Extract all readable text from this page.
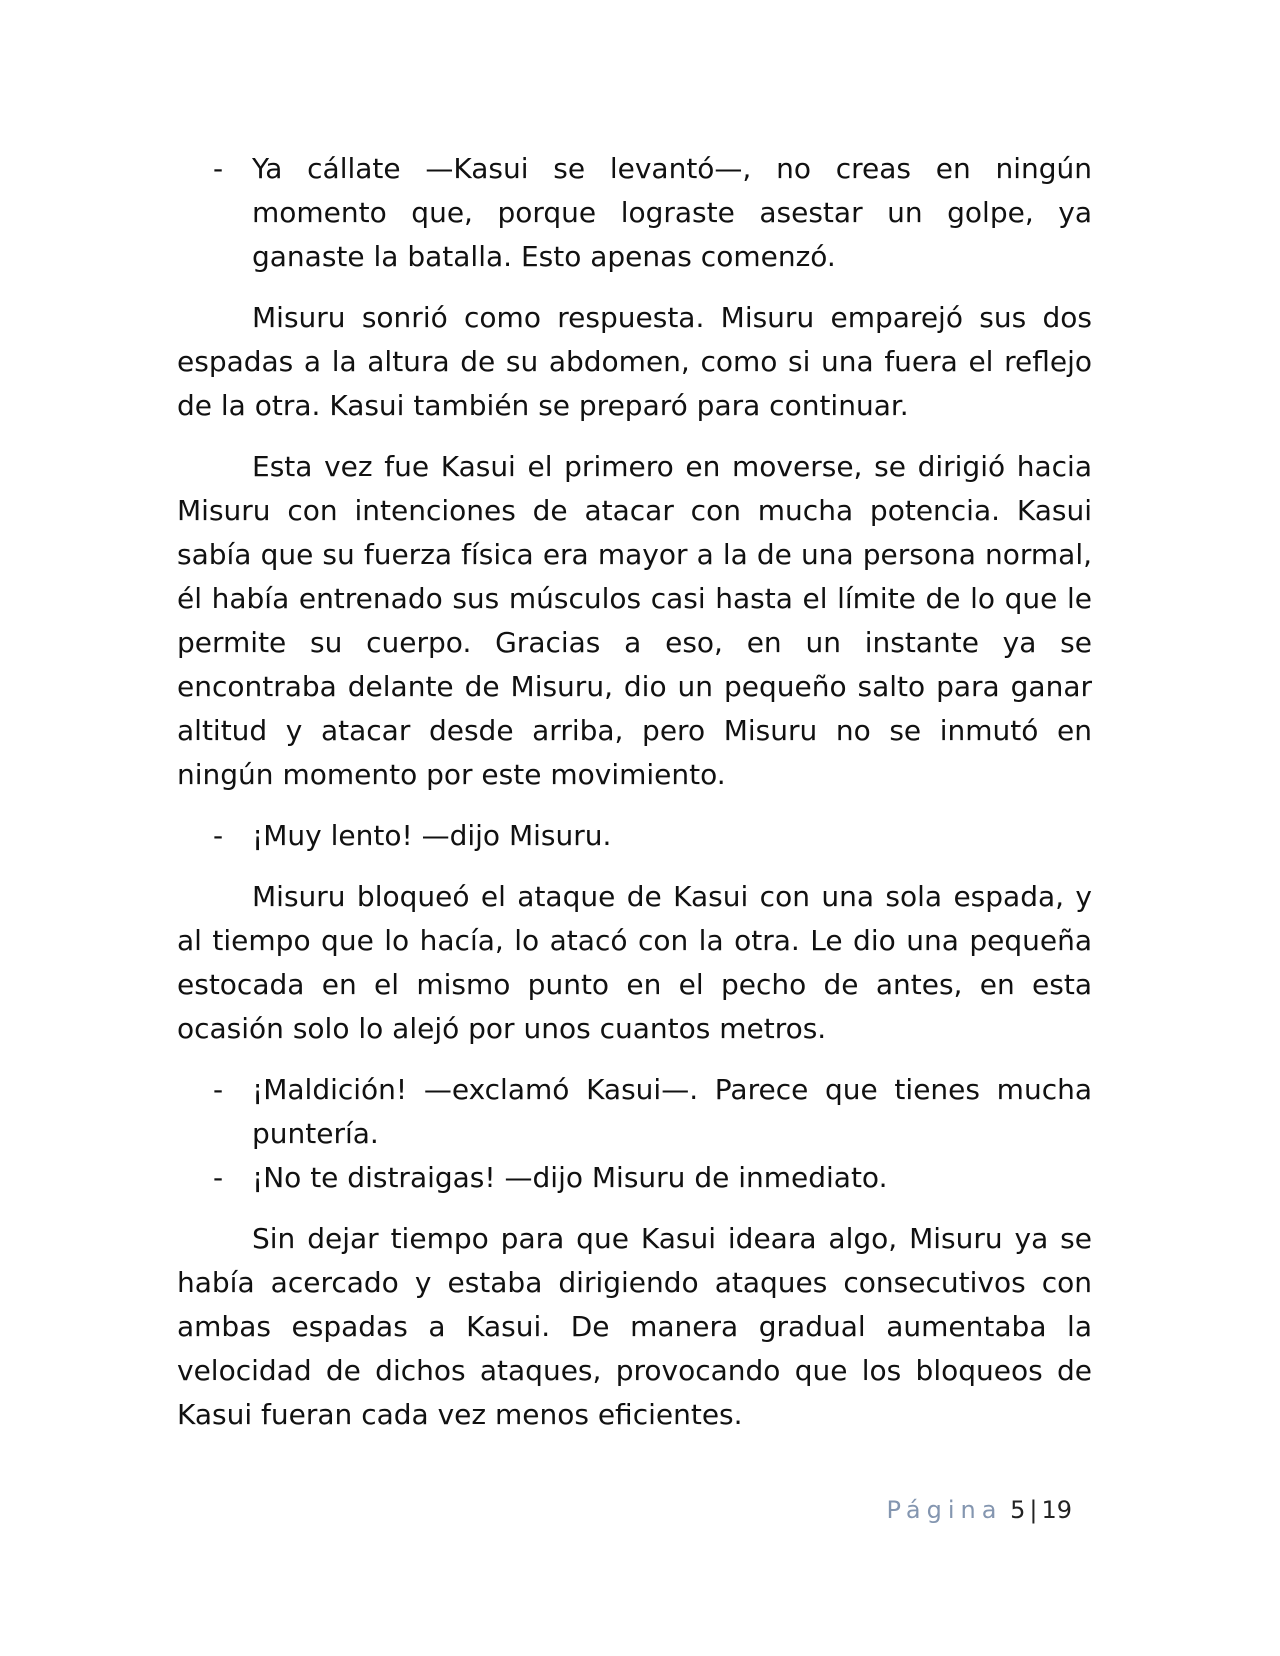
- Ya cállate —Kasui se levantó—, no creas en ningún momento que, porque lograste asestar un golpe, ya ganaste la batalla. Esto apenas comenzó.

Misuru sonrió como respuesta. Misuru emparejó sus dos espadas a la altura de su abdomen, como si una fuera el reflejo de la otra. Kasui también se preparó para continuar.

Esta vez fue Kasui el primero en moverse, se dirigió hacia Misuru con intenciones de atacar con mucha potencia. Kasui sabía que su fuerza física era mayor a la de una persona normal, él había entrenado sus músculos casi hasta el límite de lo que le permite su cuerpo. Gracias a eso, en un instante ya se encontraba delante de Misuru, dio un pequeño salto para ganar altitud y atacar desde arriba, pero Misuru no se inmutó en ningún momento por este movimiento.

- ¡Muy lento! —dijo Misuru.

Misuru bloqueó el ataque de Kasui con una sola espada, y al tiempo que lo hacía, lo atacó con la otra. Le dio una pequeña estocada en el mismo punto en el pecho de antes, en esta ocasión solo lo alejó por unos cuantos metros.

- ¡Maldición! —exclamó Kasui—. Parece que tienes mucha puntería.

- ¡No te distraigas! —dijo Misuru de inmediato.

Sin dejar tiempo para que Kasui ideara algo, Misuru ya se había acercado y estaba dirigiendo ataques consecutivos con ambas espadas a Kasui. De manera gradual aumentaba la velocidad de dichos ataques, provocando que los bloqueos de Kasui fueran cada vez menos eficientes.

Página 5 | 19
